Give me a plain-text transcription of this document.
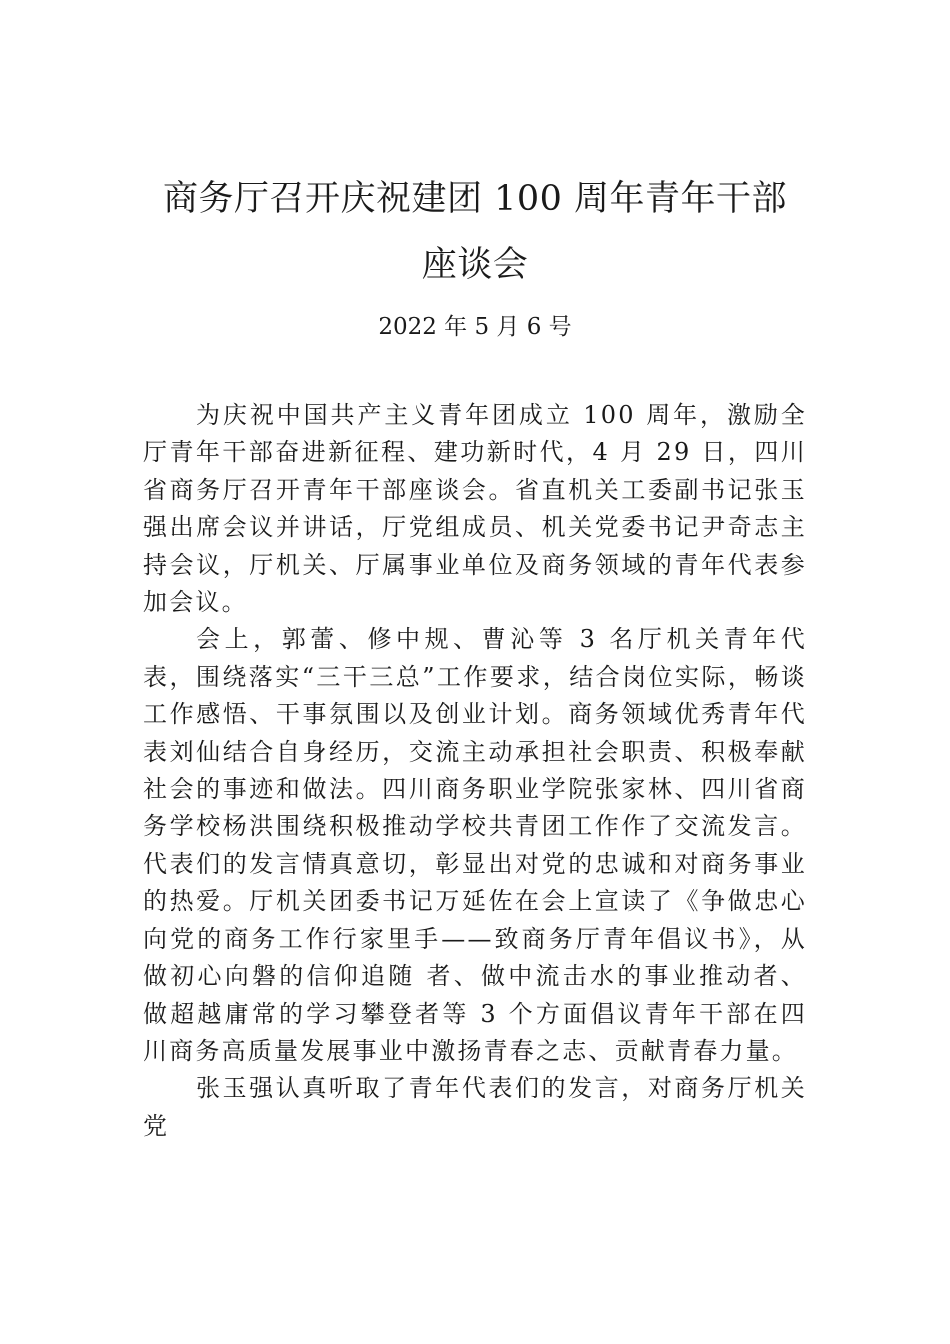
商务厅召开庆祝建团 100 周年青年干部
座谈会
2022 年 5 月 6 号

为庆祝中国共产主义青年团成立 100 周年，激励全厅青年干部奋进新征程、建功新时代，4 月 29 日，四川省商务厅召开青年干部座谈会。省直机关工委副书记张玉强出席会议并讲话，厅党组成员、机关党委书记尹奇志主持会议，厅机关、厅属事业单位及商务领域的青年代表参加会议。

会上，郭蕾、修中规、曹沁等 3 名厅机关青年代表，围绕落实“三干三总”工作要求，结合岗位实际，畅谈工作感悟、干事氛围以及创业计划。商务领域优秀青年代表刘仙结合自身经历，交流主动承担社会职责、积极奉献社会的事迹和做法。四川商务职业学院张家林、四川省商务学校杨洪围绕积极推动学校共青团工作作了交流发言。代表们的发言情真意切，彰显出对党的忠诚和对商务事业的热爱。厅机关团委书记万延佐在会上宣读了《争做忠心向党的商务工作行家里手——致商务厅青年倡议书》，从做初心向磐的信仰追随 者、做中流击水的事业推动者、做超越庸常的学习攀登者等 3 个方面倡议青年干部在四川商务高质量发展事业中激扬青春之志、贡献青春力量。

张玉强认真听取了青年代表们的发言，对商务厅机关党
